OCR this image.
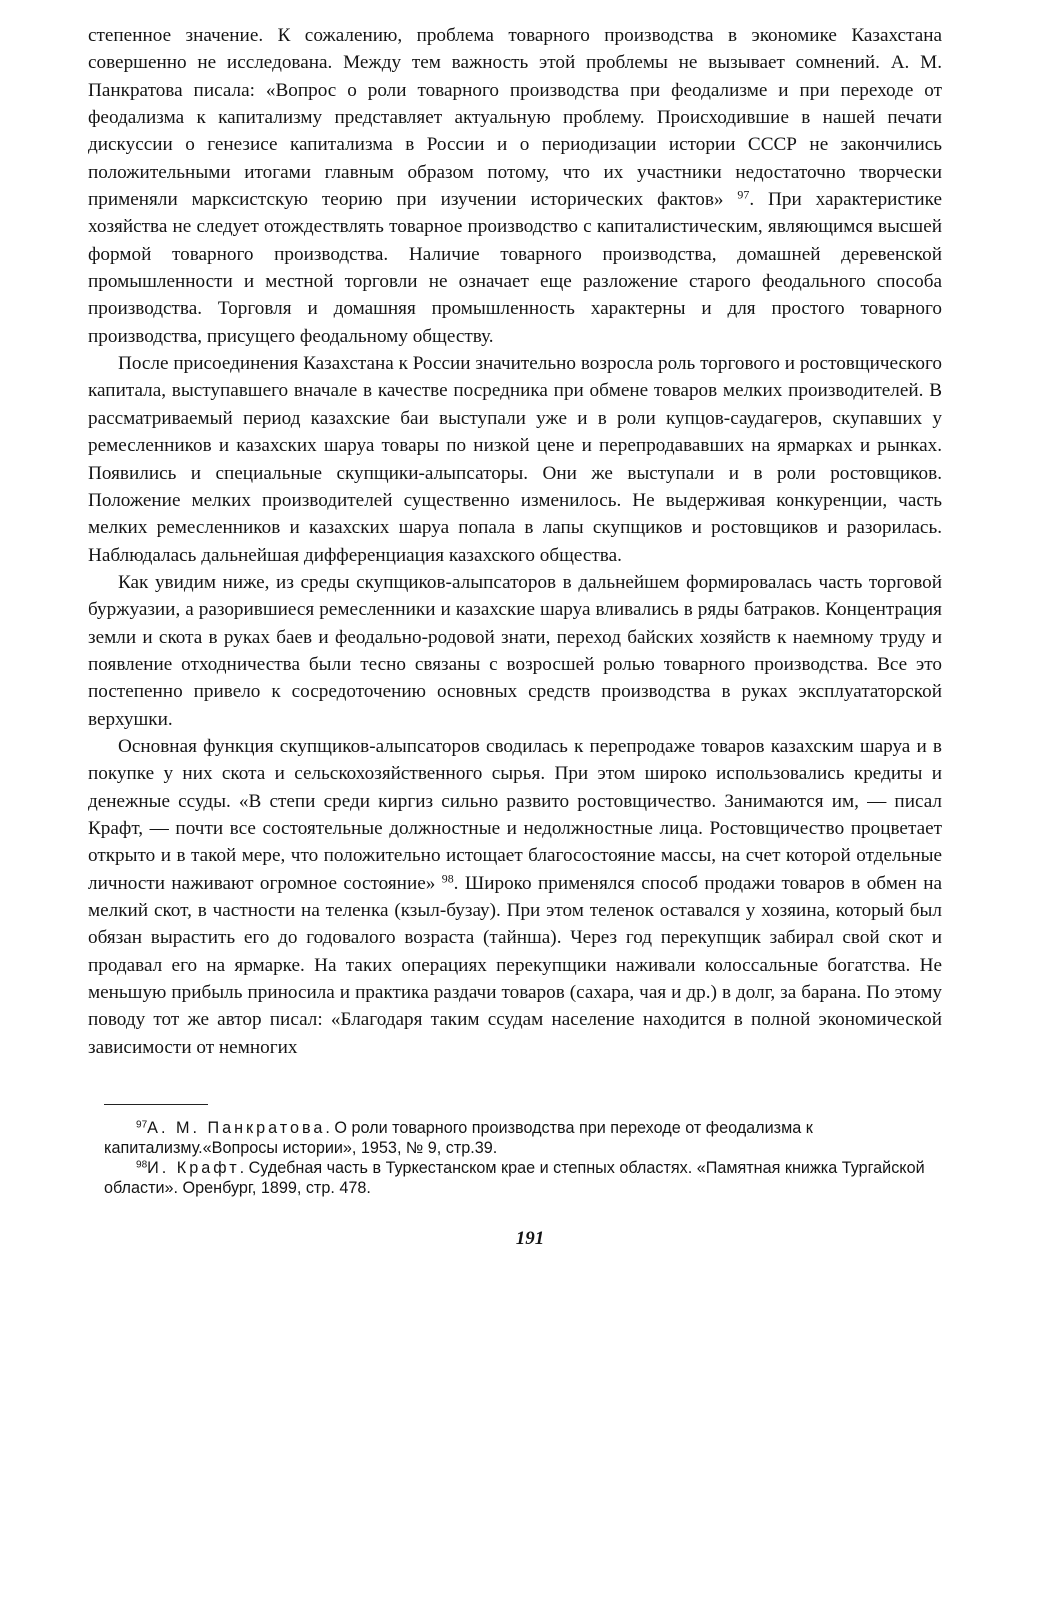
степенное значение. К сожалению, проблема товарного производства в экономике Казахстана совершенно не исследована. Между тем важность этой проблемы не вызывает сомнений. А. М. Панкратова писала: «Вопрос о роли товарного производства при феодализме и при переходе от феодализма к капитализму представляет актуальную проблему. Происходившие в нашей печати дискуссии о генезисе капитализма в России и о периодизации истории СССР не закончились положительными итогами главным образом потому, что их участники недостаточно творчески применяли марксистскую теорию при изучении исторических фактов» $^{97}$. При характеристике хозяйства не следует отождествлять товарное производство с капиталистическим, являющимся высшей формой товарного производства. Наличие товарного производства, домашней деревенской промышленности и местной торговли не означает еще разложение старого феодального способа производства. Торговля и домашняя промышленность характерны и для простого товарного производства, присущего феодальному обществу.

После присоединения Казахстана к России значительно возросла роль торгового и ростовщического капитала, выступавшего вначале в качестве посредника при обмене товаров мелких производителей. В рассматриваемый период казахские баи выступали уже и в роли купцов-саудагеров, скупавших у ремесленников и казахских шаруа товары по низкой цене и перепродававших на ярмарках и рынках. Появились и специальные скупщики-алыпсаторы. Они же выступали и в роли ростовщиков. Положение мелких производителей существенно изменилось. Не выдерживая конкуренции, часть мелких ремесленников и казахских шаруа попала в лапы скупщиков и ростовщиков и разорилась. Наблюдалась дальнейшая дифференциация казахского общества.

Как увидим ниже, из среды скупщиков-алыпсаторов в дальнейшем формировалась часть торговой буржуазии, а разорившиеся ремесленники и казахские шаруа вливались в ряды батраков. Концентрация земли и скота в руках баев и феодально-родовой знати, переход байских хозяйств к наемному труду и появление отходничества были тесно связаны с возросшей ролью товарного производства. Все это постепенно привело к сосредоточению основных средств производства в руках эксплуататорской верхушки.

Основная функция скупщиков-алыпсаторов сводилась к перепродаже товаров казахским шаруа и в покупке у них скота и сельскохозяйственного сырья. При этом широко использовались кредиты и денежные ссуды. «В степи среди киргиз сильно развито ростовщичество. Занимаются им, — писал Крафт, — почти все состоятельные должностные и недолжностные лица. Ростовщичество процветает открыто и в такой мере, что положительно истощает благосостояние массы, на счет которой отдельные личности наживают огромное состояние» $^{98}$. Широко применялся способ продажи товаров в обмен на мелкий скот, в частности на теленка (кзыл-бузау). При этом теленок оставался у хозяина, который был обязан вырастить его до годовалого возраста (тайнша). Через год перекупщик забирал свой скот и продавал его на ярмарке. На таких операциях перекупщики наживали колоссальные богатства. Не меньшую прибыль приносила и практика раздачи товаров (сахара, чая и др.) в долг, за барана. По этому поводу тот же автор писал: «Благодаря таким ссудам население находится в полной экономической зависимости от немногих

$^{97}$А. М. Панкратова. О роли товарного производства при переходе от феодализма к капитализму.«Вопросы истории», 1953, № 9, стр.39.

$^{98}$И. Крафт. Судебная часть в Туркестанском крае и степных областях. «Памятная книжка Тургайской области». Оренбург, 1899, стр. 478.

191
